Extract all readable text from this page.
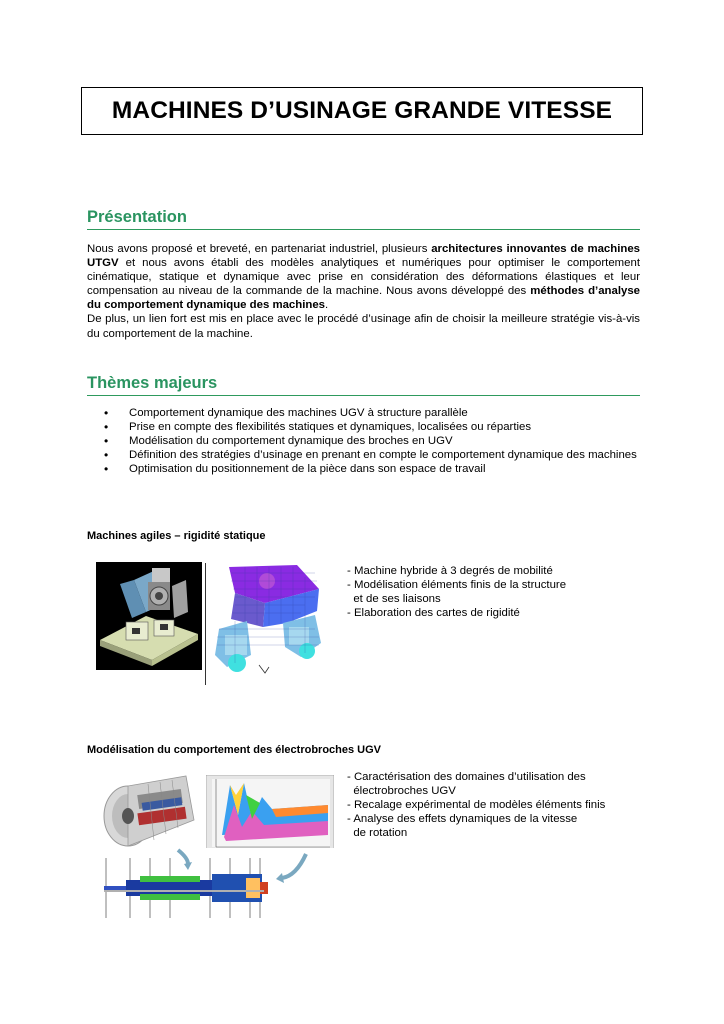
MACHINES D’USINAGE GRANDE VITESSE
Présentation

Nous avons proposé et breveté, en partenariat industriel, plusieurs architectures innovantes de machines UTGV et nous avons établi des modèles analytiques et numériques pour optimiser le comportement cinématique, statique et dynamique avec prise en considération des déformations élastiques et leur compensation au niveau de la commande de la machine. Nous avons développé des méthodes d’analyse du comportement dynamique des machines.
De plus, un lien fort est mis en place avec le procédé d’usinage afin de choisir la meilleure stratégie vis-à-vis du comportement de la machine.

Thèmes majeurs
• Comportement dynamique des machines UGV à structure parallèle
• Prise en compte des flexibilités statiques et dynamiques, localisées ou réparties
• Modélisation du comportement dynamique des broches en UGV
• Définition des stratégies d’usinage en prenant en compte le comportement dynamique des machines
• Optimisation du positionnement de la pièce dans son espace de travail

Machines agiles – rigidité statique

- Machine hybride à 3 degrés de mobilité
- Modélisation éléments finis de la structure
et de ses liaisons
- Elaboration des cartes de rigidité

Modélisation du comportement des électrobroches UGV

- Caractérisation des domaines d’utilisation des
électrobroches UGV
- Recalage expérimental de modèles éléments finis
- Analyse des effets dynamiques de la vitesse
de rotation
